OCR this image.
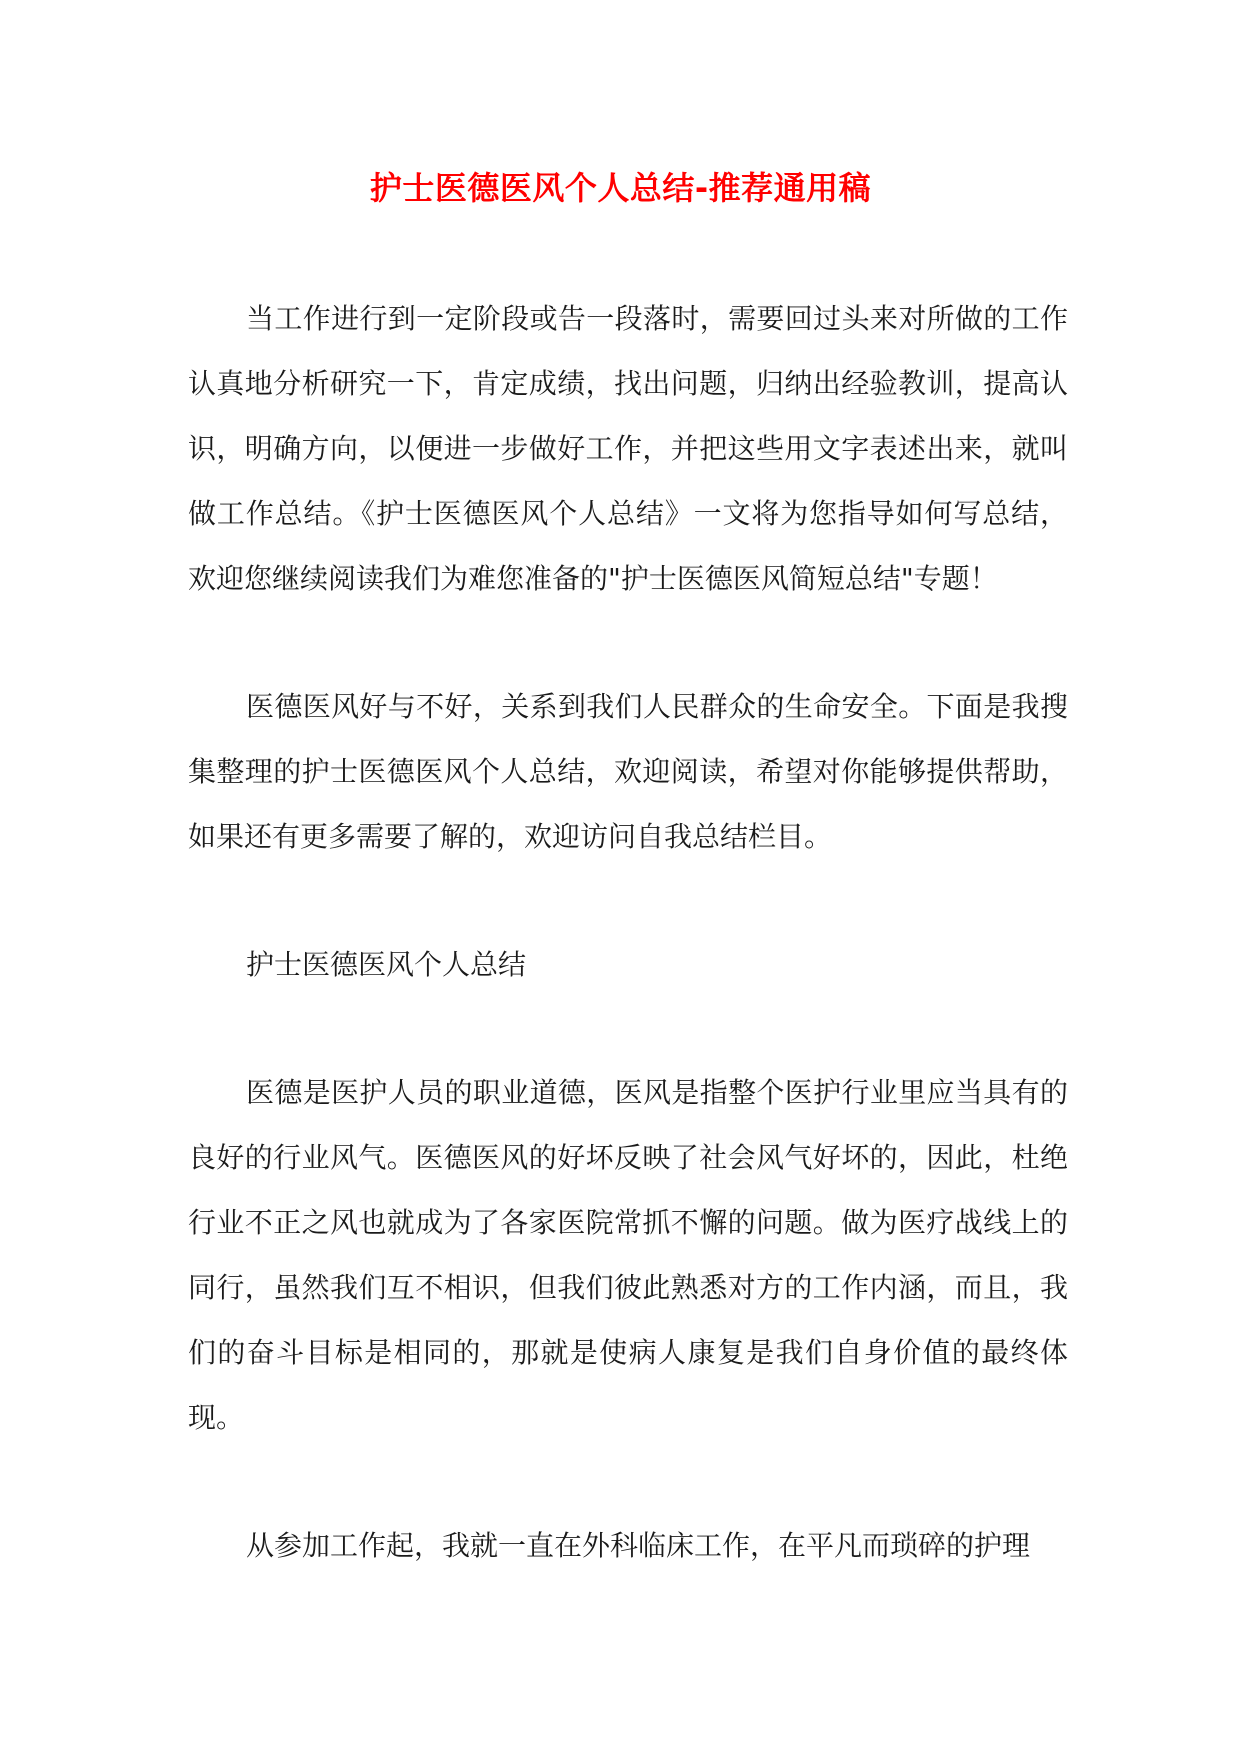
护士医德医风个人总结-推荐通用稿

当工作进行到一定阶段或告一段落时，需要回过头来对所做的工作认真地分析研究一下，肯定成绩，找出问题，归纳出经验教训，提高认识，明确方向，以便进一步做好工作，并把这些用文字表述出来，就叫做工作总结。《护士医德医风个人总结》一文将为您指导如何写总结，欢迎您继续阅读我们为难您准备的"护士医德医风简短总结"专题！

医德医风好与不好，关系到我们人民群众的生命安全。下面是我搜集整理的护士医德医风个人总结，欢迎阅读，希望对你能够提供帮助，如果还有更多需要了解的，欢迎访问自我总结栏目。

护士医德医风个人总结

医德是医护人员的职业道德，医风是指整个医护行业里应当具有的良好的行业风气。医德医风的好坏反映了社会风气好坏的，因此，杜绝行业不正之风也就成为了各家医院常抓不懈的问题。做为医疗战线上的同行，虽然我们互不相识，但我们彼此熟悉对方的工作内涵，而且，我们的奋斗目标是相同的，那就是使病人康复是我们自身价值的最终体现。

从参加工作起，我就一直在外科临床工作，在平凡而琐碎的护理
